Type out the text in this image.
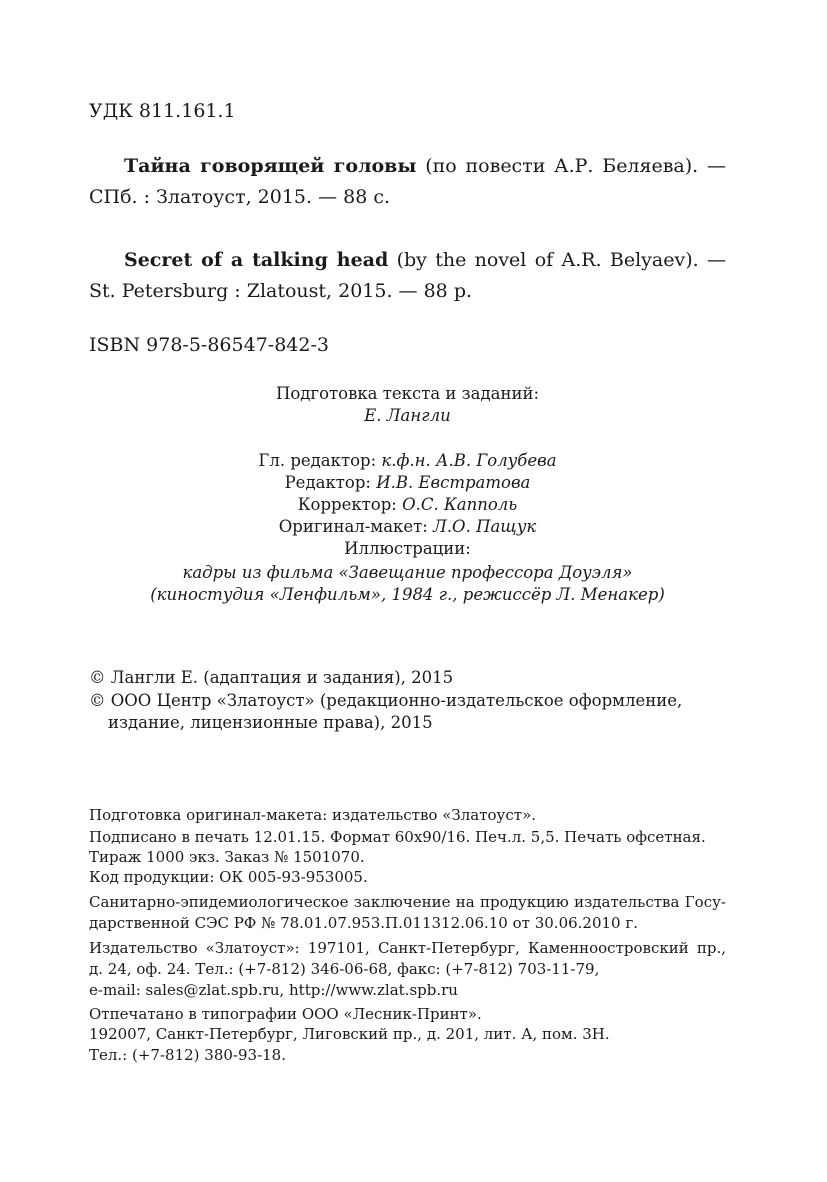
УДК 811.161.1
Тайна говорящей головы (по повести А.Р. Беляева). —
СПб. : Златоуст, 2015. — 88 с.
Secret of a talking head (by the novel of A.R. Belyaev). —
St. Petersburg : Zlatoust, 2015. — 88 p.
ISBN 978-5-86547-842-3
Подготовка текста и заданий:
Е. Лангли
Гл. редактор: к.ф.н. А.В. Голубева
Редактор: И.В. Евстратова
Корректор: О.С. Капполь
Оригинал-макет: Л.О. Пащук
Иллюстрации:
кадры из фильма «Завещание профессора Доуэля»
(киностудия «Ленфильм», 1984 г., режиссёр Л. Менакер)
© Лангли Е. (адаптация и задания), 2015
© ООО Центр «Златоуст» (редакционно-издательское оформление,
издание, лицензионные права), 2015
Подготовка оригинал-макета: издательство «Златоуст».
Подписано в печать 12.01.15. Формат 60х90/16. Печ.л. 5,5. Печать офсетная.
Тираж 1000 экз. Заказ № 1501070.
Код продукции: ОК 005-93-953005.
Санитарно-эпидемиологическое заключение на продукцию издательства Госу-
дарственной СЭС РФ № 78.01.07.953.П.011312.06.10 от 30.06.2010 г.
Издательство «Златоуст»: 197101, Санкт-Петербург, Каменноостровский пр.,
д. 24, оф. 24. Тел.: (+7-812) 346-06-68, факс: (+7-812) 703-11-79,
e-mail: sales@zlat.spb.ru, http://www.zlat.spb.ru
Отпечатано в типографии ООО «Лесник-Принт».
192007, Санкт-Петербург, Лиговский пр., д. 201, лит. А, пом. 3Н.
Тел.: (+7-812) 380-93-18.
